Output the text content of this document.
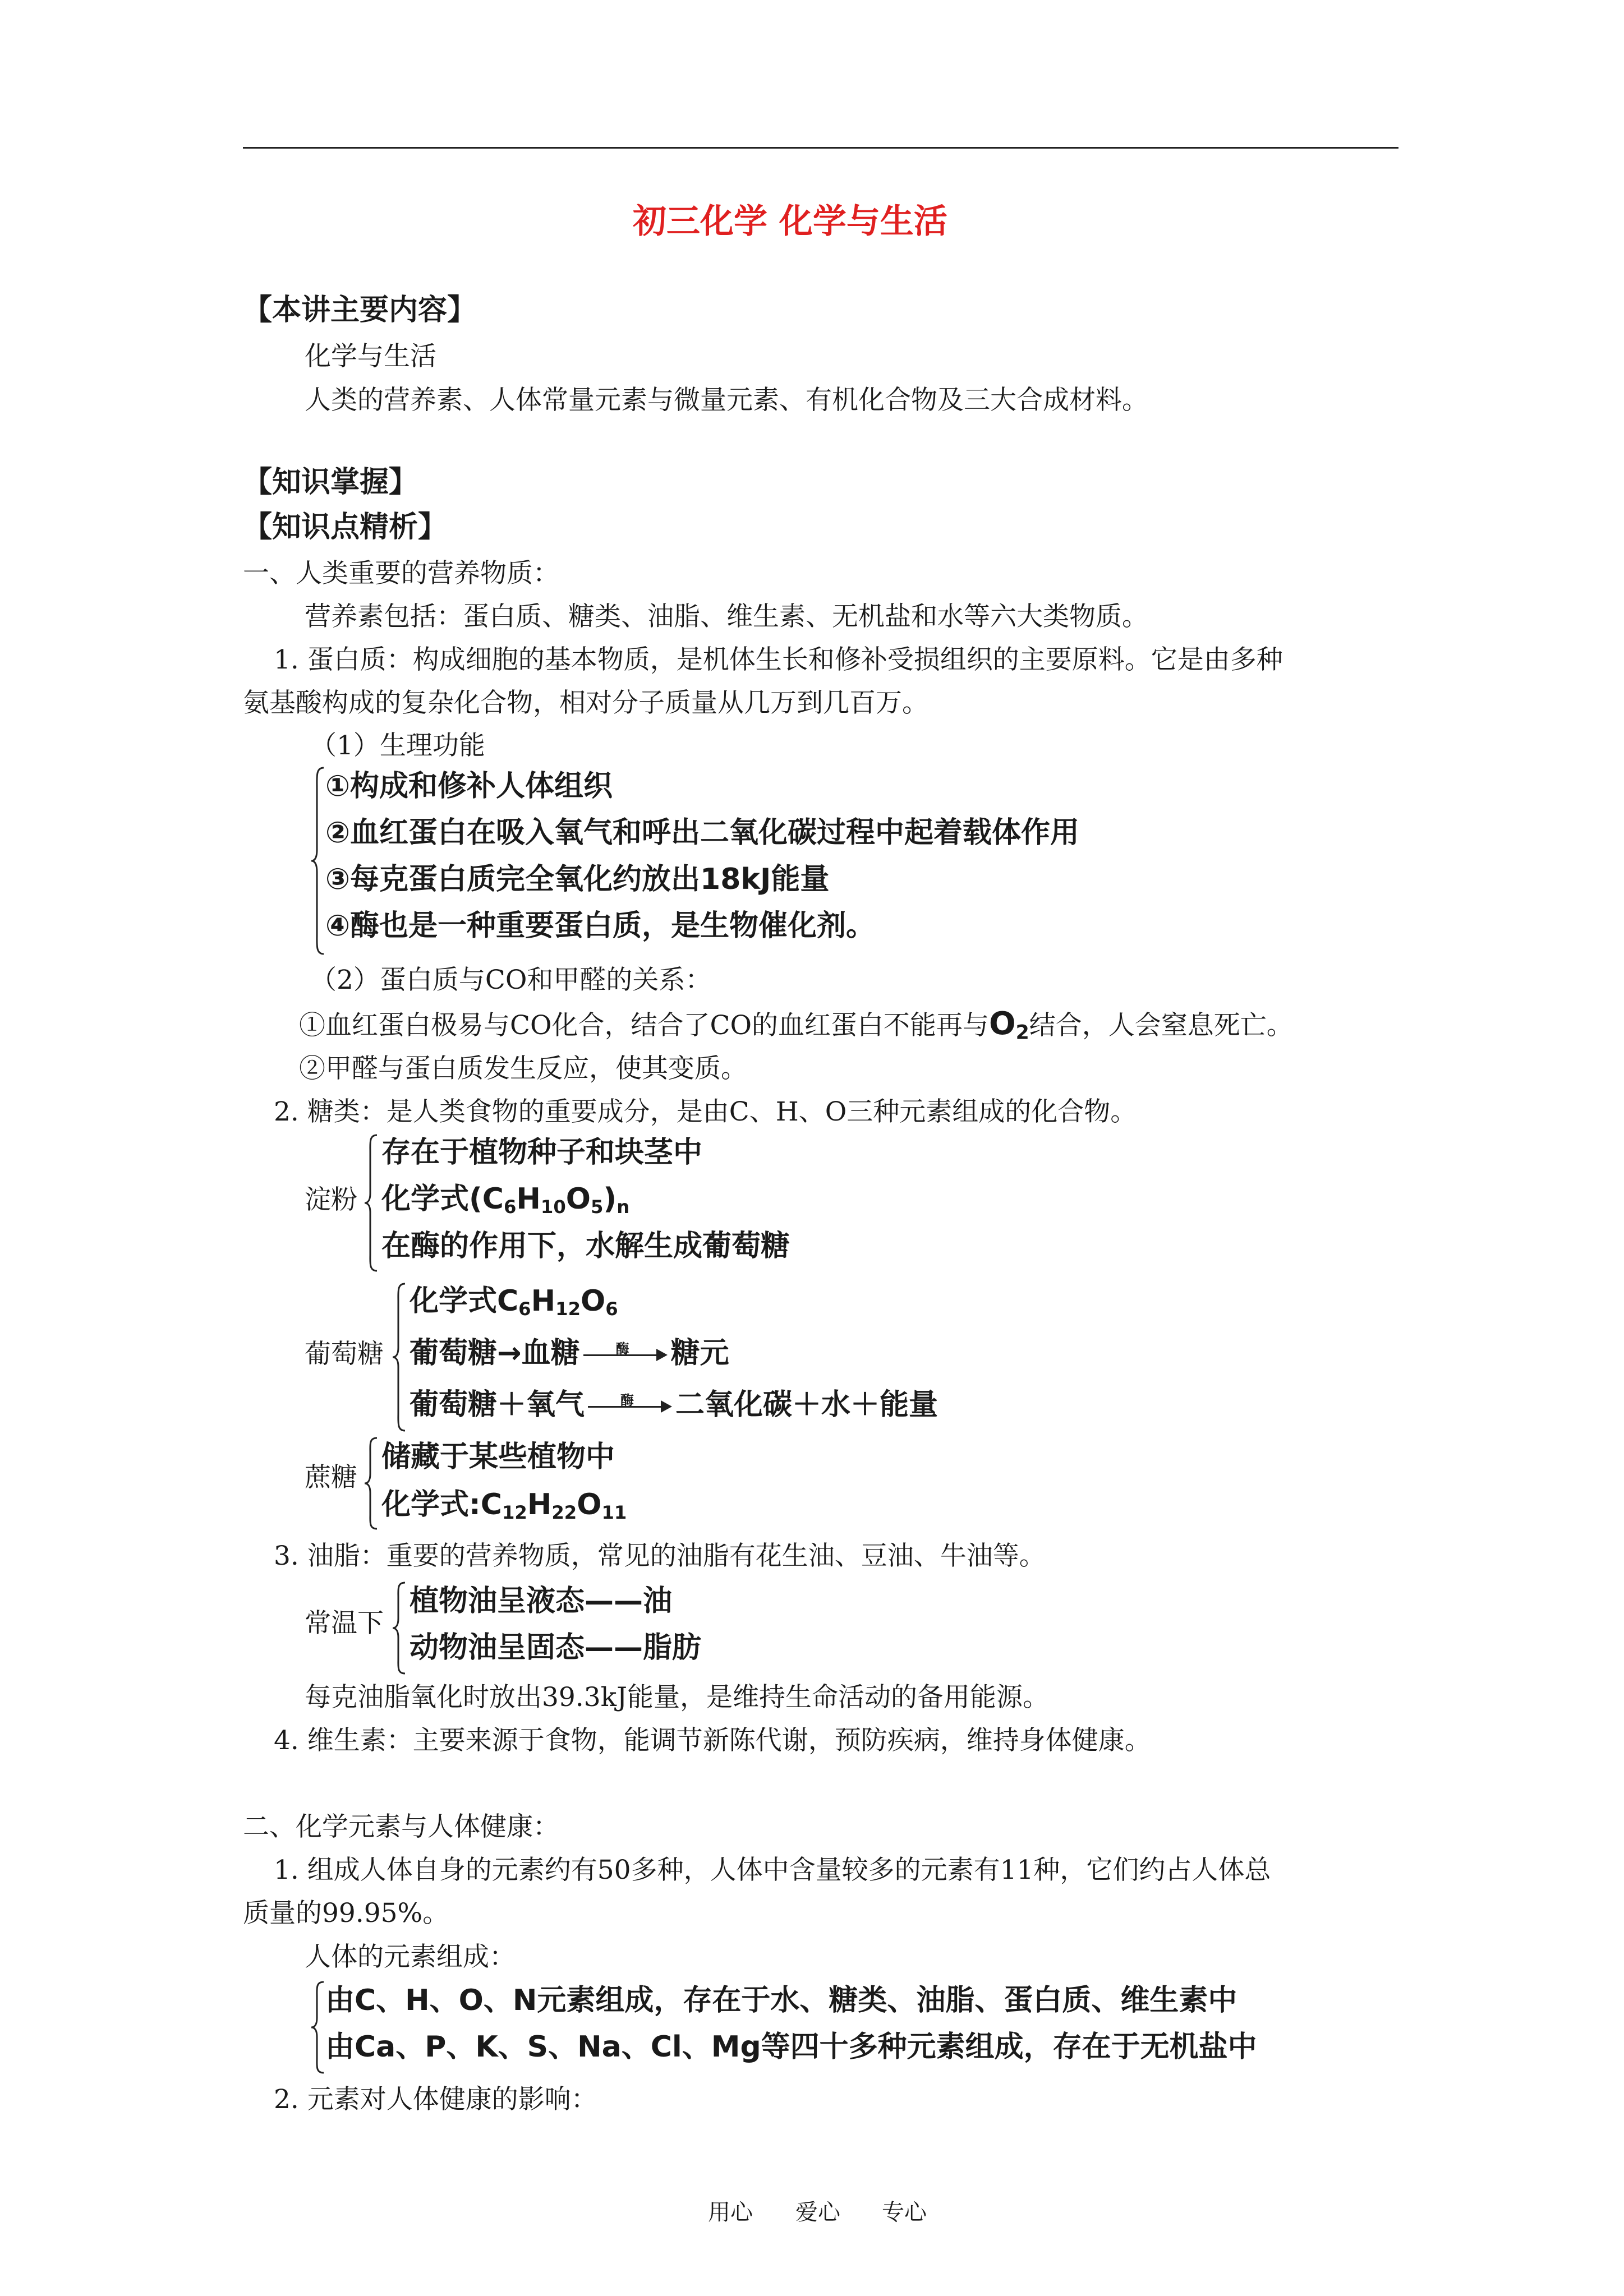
初三化学 化学与生活
【本讲主要内容】
化学与生活
人类的营养素、人体常量元素与微量元素、有机化合物及三大合成材料。
【知识掌握】
【知识点精析】
一、人类重要的营养物质：
营养素包括：蛋白质、糖类、油脂、维生素、无机盐和水等六大类物质。
1. 蛋白质：构成细胞的基本物质，是机体生长和修补受损组织的主要原料。它是由多种
氨基酸构成的复杂化合物，相对分子质量从几万到几百万。
（1）生理功能
①构成和修补人体组织
②血红蛋白在吸入氧气和呼出二氧化碳过程中起着载体作用
③每克蛋白质完全氧化约放出18kJ能量
④酶也是一种重要蛋白质，是生物催化剂。
（2）蛋白质与CO和甲醛的关系：
①血红蛋白极易与CO化合，结合了CO的血红蛋白不能再与$O_2$结合，人会窒息死亡。
②甲醛与蛋白质发生反应，使其变质。
2. 糖类：是人类食物的重要成分，是由C、H、O三种元素组成的化合物。
淀粉
存在于植物种子和块茎中
化学式$(C_6H_{10}O_5)_n$
在酶的作用下，水解生成葡萄糖
葡萄糖
化学式$C_6H_{12}O_6$
葡萄糖→血糖	酶	糖元
葡萄糖＋氧气	酶	二氧化碳＋水＋能量
蔗糖
储藏于某些植物中
化学式$:C_{12}H_{22}O_{11}$
3. 油脂：重要的营养物质，常见的油脂有花生油、豆油、牛油等。
常温下
植物油呈液态——油
动物油呈固态——脂肪
每克油脂氧化时放出39.3kJ能量，是维持生命活动的备用能源。
4. 维生素：主要来源于食物，能调节新陈代谢，预防疾病，维持身体健康。
二、化学元素与人体健康：
1. 组成人体自身的元素约有50多种，人体中含量较多的元素有11种，它们约占人体总
质量的99.95%。
人体的元素组成：
由C、H、O、N元素组成，存在于水、糖类、油脂、蛋白质、维生素中
由Ca、P、K、S、Na、Cl、Mg等四十多种元素组成，存在于无机盐中
2. 元素对人体健康的影响：
用心 爱心 专心
